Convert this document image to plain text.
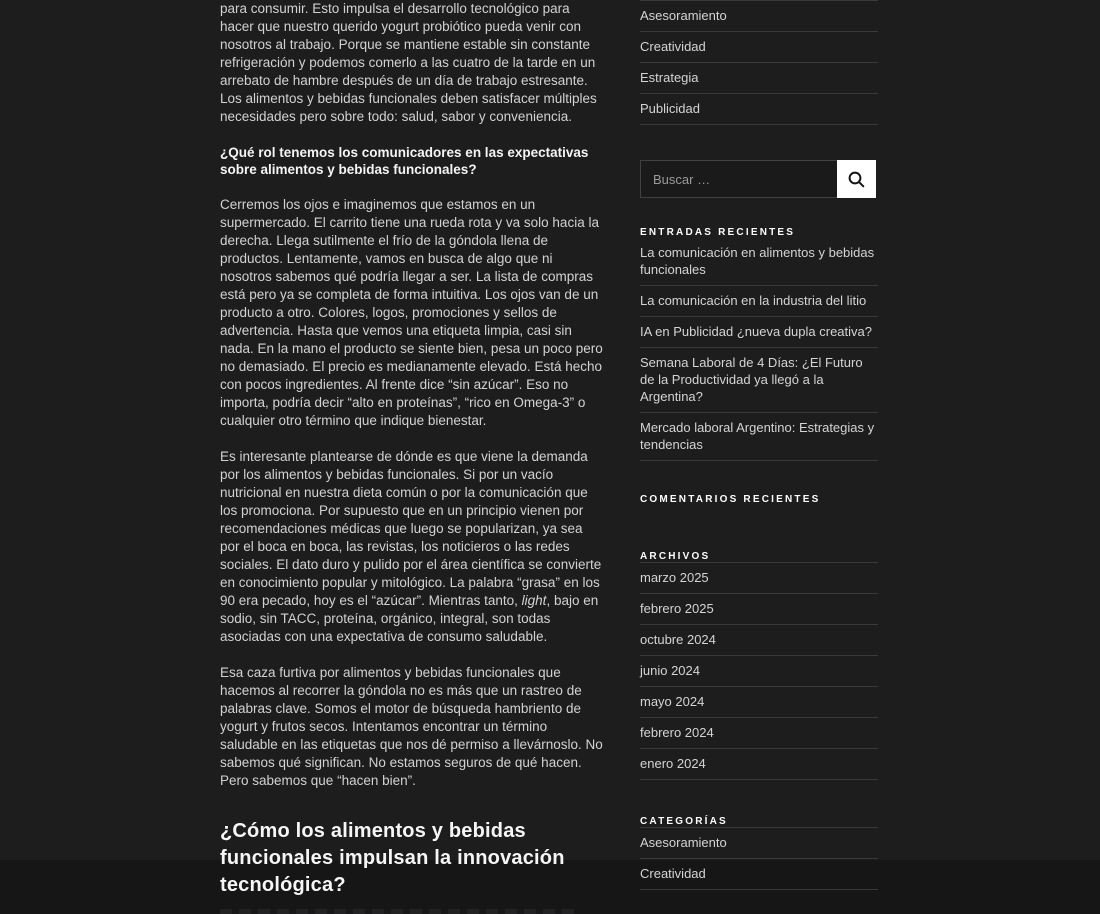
para consumir. Esto impulsa el desarrollo tecnológico para hacer que nuestro querido yogurt probiótico pueda venir con nosotros al trabajo. Porque se mantiene estable sin constante refrigeración y podemos comerlo a las cuatro de la tarde en un arrebato de hambre después de un día de trabajo estresante. Los alimentos y bebidas funcionales deben satisfacer múltiples necesidades pero sobre todo: salud, sabor y conveniencia.

¿Qué rol tenemos los comunicadores en las expectativas sobre alimentos y bebidas funcionales?

Cerremos los ojos e imaginemos que estamos en un supermercado. El carrito tiene una rueda rota y va solo hacia la derecha. Llega sutilmente el frío de la góndola llena de productos. Lentamente, vamos en busca de algo que ni nosotros sabemos qué podría llegar a ser. La lista de compras está pero ya se completa de forma intuitiva. Los ojos van de un producto a otro. Colores, logos, promociones y sellos de advertencia. Hasta que vemos una etiqueta limpia, casi sin nada. En la mano el producto se siente bien, pesa un poco pero no demasiado. El precio es medianamente elevado. Está hecho con pocos ingredientes. Al frente dice “sin azúcar”. Eso no importa, podría decir “alto en proteínas”, “rico en Omega-3” o cualquier otro término que indique bienestar.

Es interesante plantearse de dónde es que viene la demanda por los alimentos y bebidas funcionales. Si por un vacío nutricional en nuestra dieta común o por la comunicación que los promociona. Por supuesto que en un principio vienen por recomendaciones médicas que luego se popularizan, ya sea por el boca en boca, las revistas, los noticieros o las redes sociales. El dato duro y pulido por el área científica se convierte en conocimiento popular y mitológico. La palabra “grasa” en los 90 era pecado, hoy es el “azúcar”. Mientras tanto, light, bajo en sodio, sin TACC, proteína, orgánico, integral, son todas asociadas con una expectativa de consumo saludable.

Esa caza furtiva por alimentos y bebidas funcionales que hacemos al recorrer la góndola no es más que un rastreo de palabras clave. Somos el motor de búsqueda hambriento de yogurt y frutos secos. Intentamos encontrar un término saludable en las etiquetas que nos dé permiso a llevárnoslo. No sabemos qué significan. No estamos seguros de qué hacen. Pero sabemos que “hacen bien”.

¿Cómo los alimentos y bebidas funcionales impulsan la innovación tecnológica?
Asesoramiento
Creatividad
Estrategia
Publicidad
Buscar …
ENTRADAS RECIENTES
La comunicación en alimentos y bebidas funcionales
La comunicación en la industria del litio
IA en Publicidad ¿nueva dupla creativa?
Semana Laboral de 4 Días: ¿El Futuro de la Productividad ya llegó a la Argentina?
Mercado laboral Argentino: Estrategias y tendencias
COMENTARIOS RECIENTES
ARCHIVOS
marzo 2025
febrero 2025
octubre 2024
junio 2024
mayo 2024
febrero 2024
enero 2024
CATEGORÍAS
Asesoramiento
Creatividad
